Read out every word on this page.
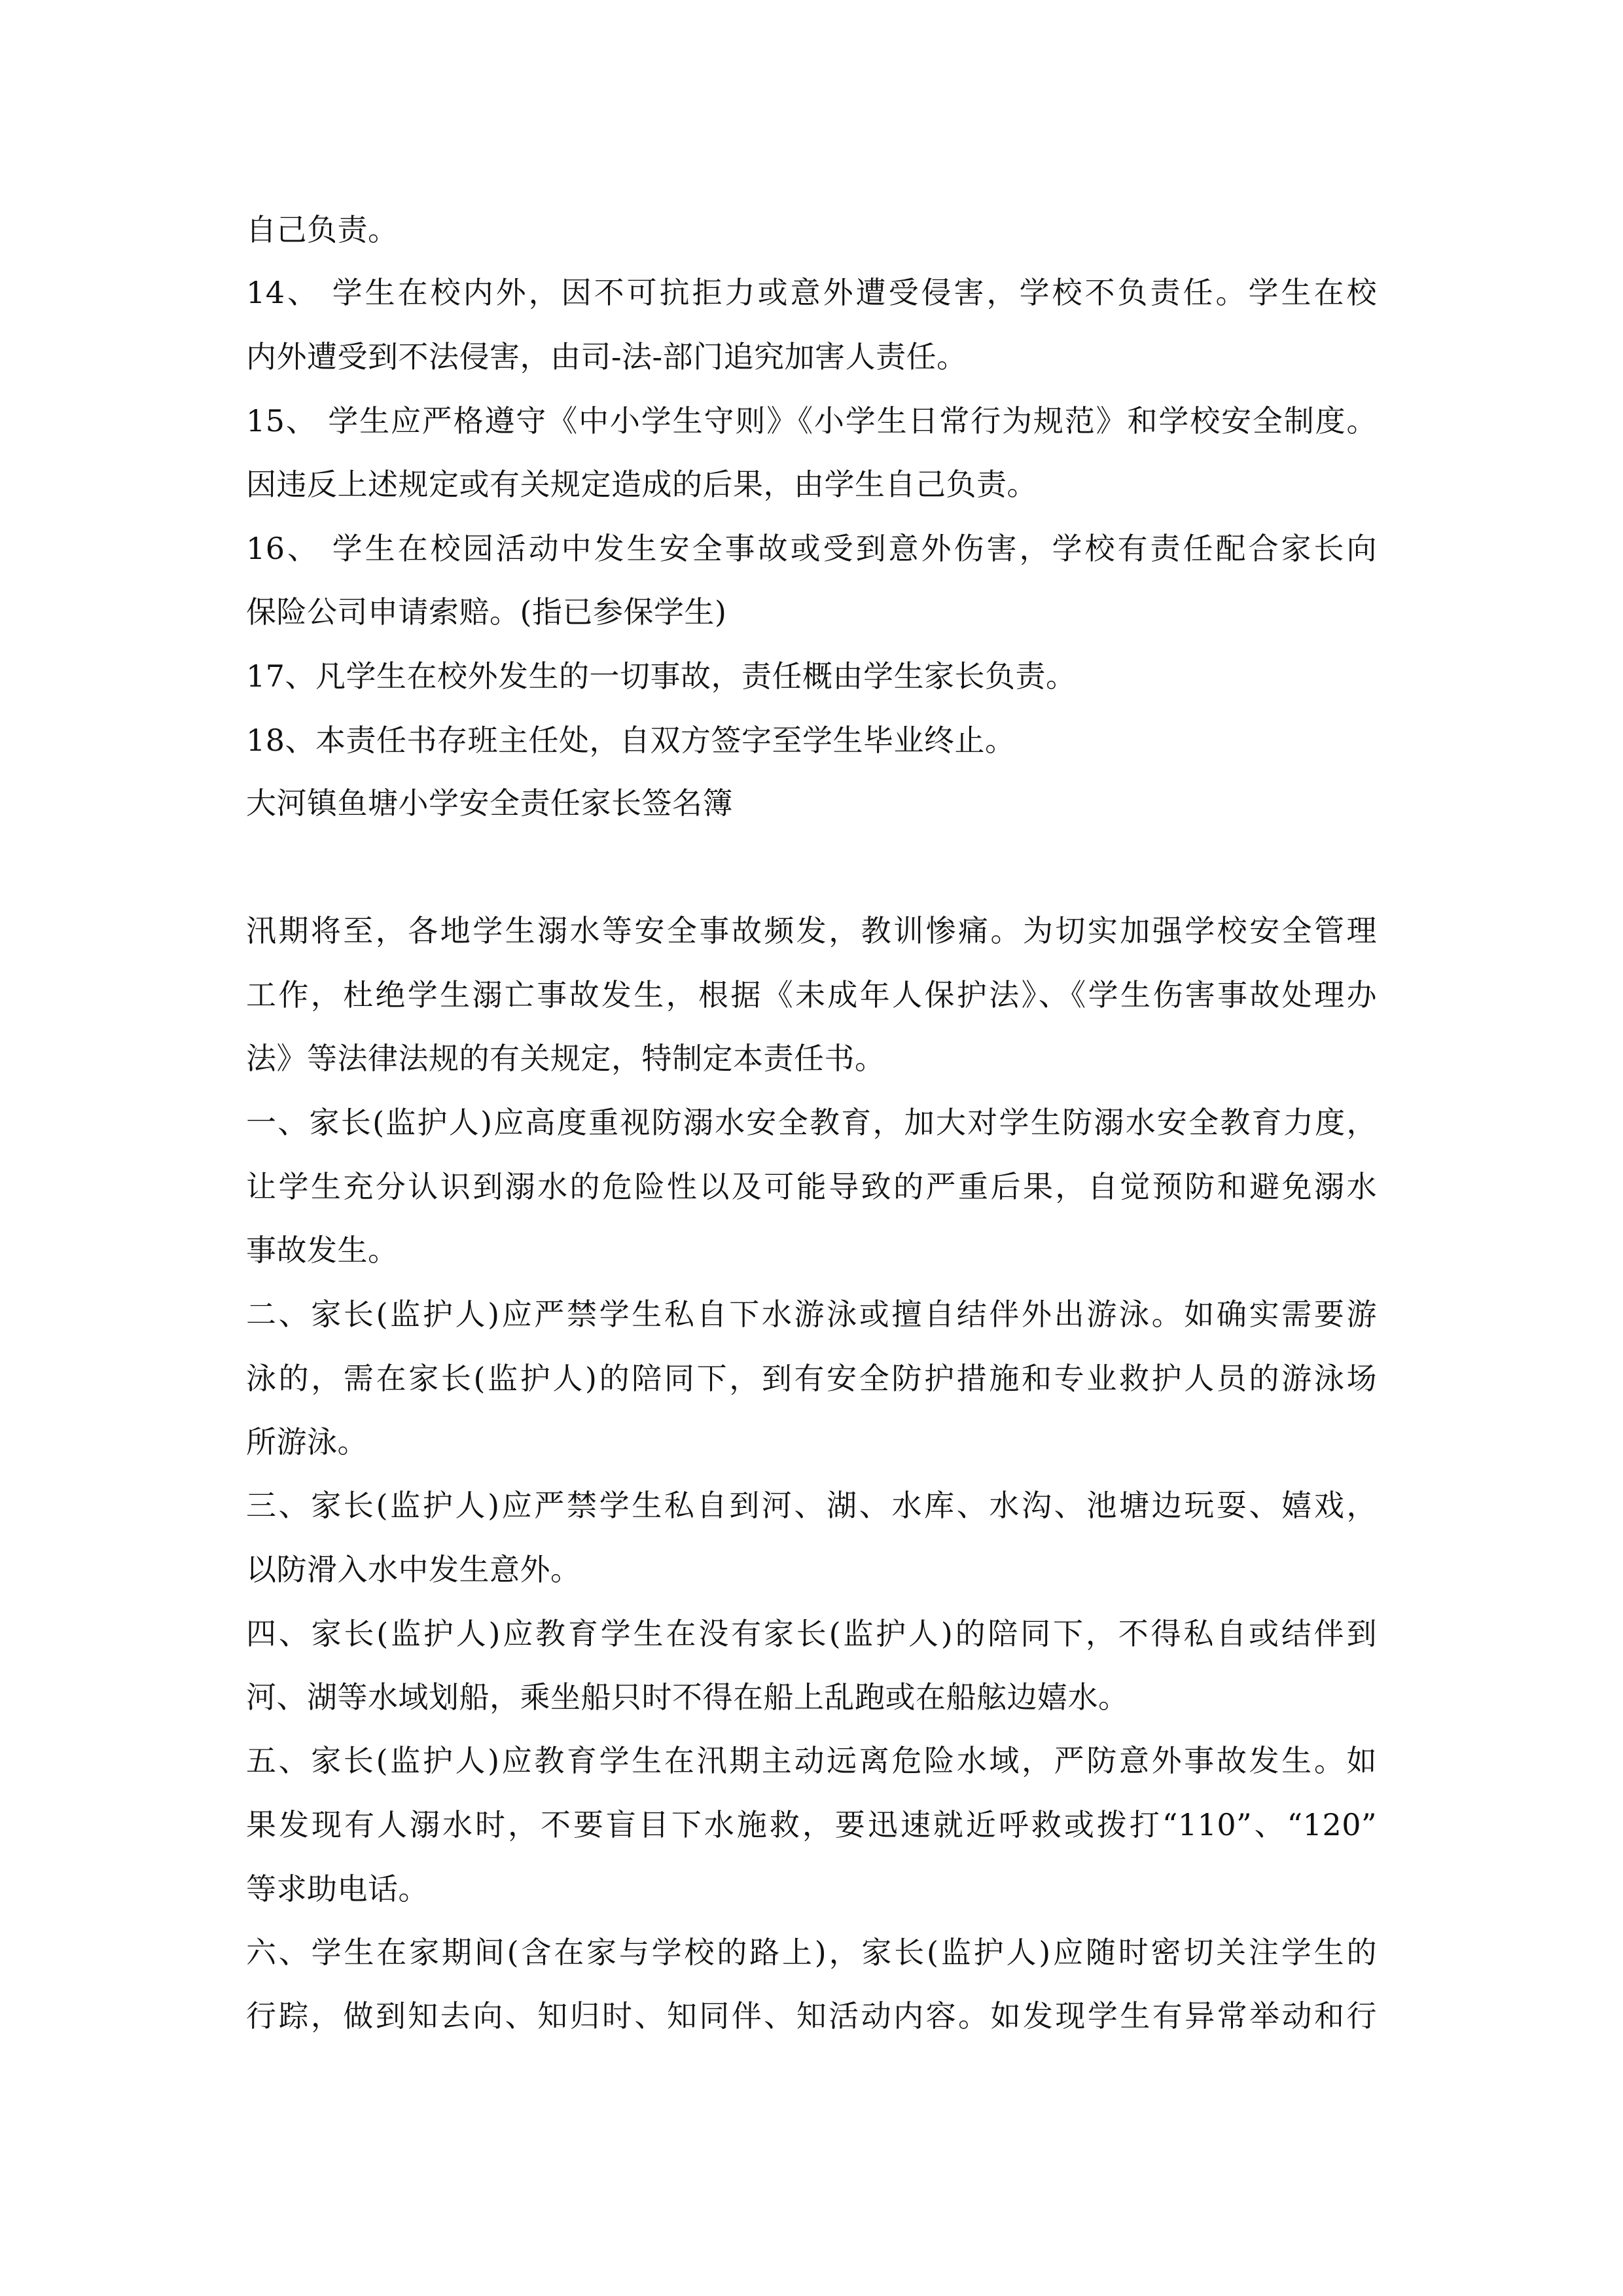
自己负责。
14、 学生在校内外，因不可抗拒力或意外遭受侵害，学校不负责任。学生在校
内外遭受到不法侵害，由司-法-部门追究加害人责任。
15、 学生应严格遵守《中小学生守则》《小学生日常行为规范》和学校安全制度。
因违反上述规定或有关规定造成的后果，由学生自己负责。
16、 学生在校园活动中发生安全事故或受到意外伤害，学校有责任配合家长向
保险公司申请索赔。(指已参保学生)
17、凡学生在校外发生的一切事故，责任概由学生家长负责。
18、本责任书存班主任处，自双方签字至学生毕业终止。
大河镇鱼塘小学安全责任家长签名簿
汛期将至，各地学生溺水等安全事故频发，教训惨痛。为切实加强学校安全管理
工作，杜绝学生溺亡事故发生，根据《未成年人保护法》、《学生伤害事故处理办
法》等法律法规的有关规定，特制定本责任书。
一、家长(监护人)应高度重视防溺水安全教育，加大对学生防溺水安全教育力度，
让学生充分认识到溺水的危险性以及可能导致的严重后果，自觉预防和避免溺水
事故发生。
二、家长(监护人)应严禁学生私自下水游泳或擅自结伴外出游泳。如确实需要游
泳的，需在家长(监护人)的陪同下，到有安全防护措施和专业救护人员的游泳场
所游泳。
三、家长(监护人)应严禁学生私自到河、湖、水库、水沟、池塘边玩耍、嬉戏，
以防滑入水中发生意外。
四、家长(监护人)应教育学生在没有家长(监护人)的陪同下，不得私自或结伴到
河、湖等水域划船，乘坐船只时不得在船上乱跑或在船舷边嬉水。
五、家长(监护人)应教育学生在汛期主动远离危险水域，严防意外事故发生。如
果发现有人溺水时，不要盲目下水施救，要迅速就近呼救或拨打“110”、“120”
等求助电话。
六、学生在家期间(含在家与学校的路上)，家长(监护人)应随时密切关注学生的
行踪，做到知去向、知归时、知同伴、知活动内容。如发现学生有异常举动和行
